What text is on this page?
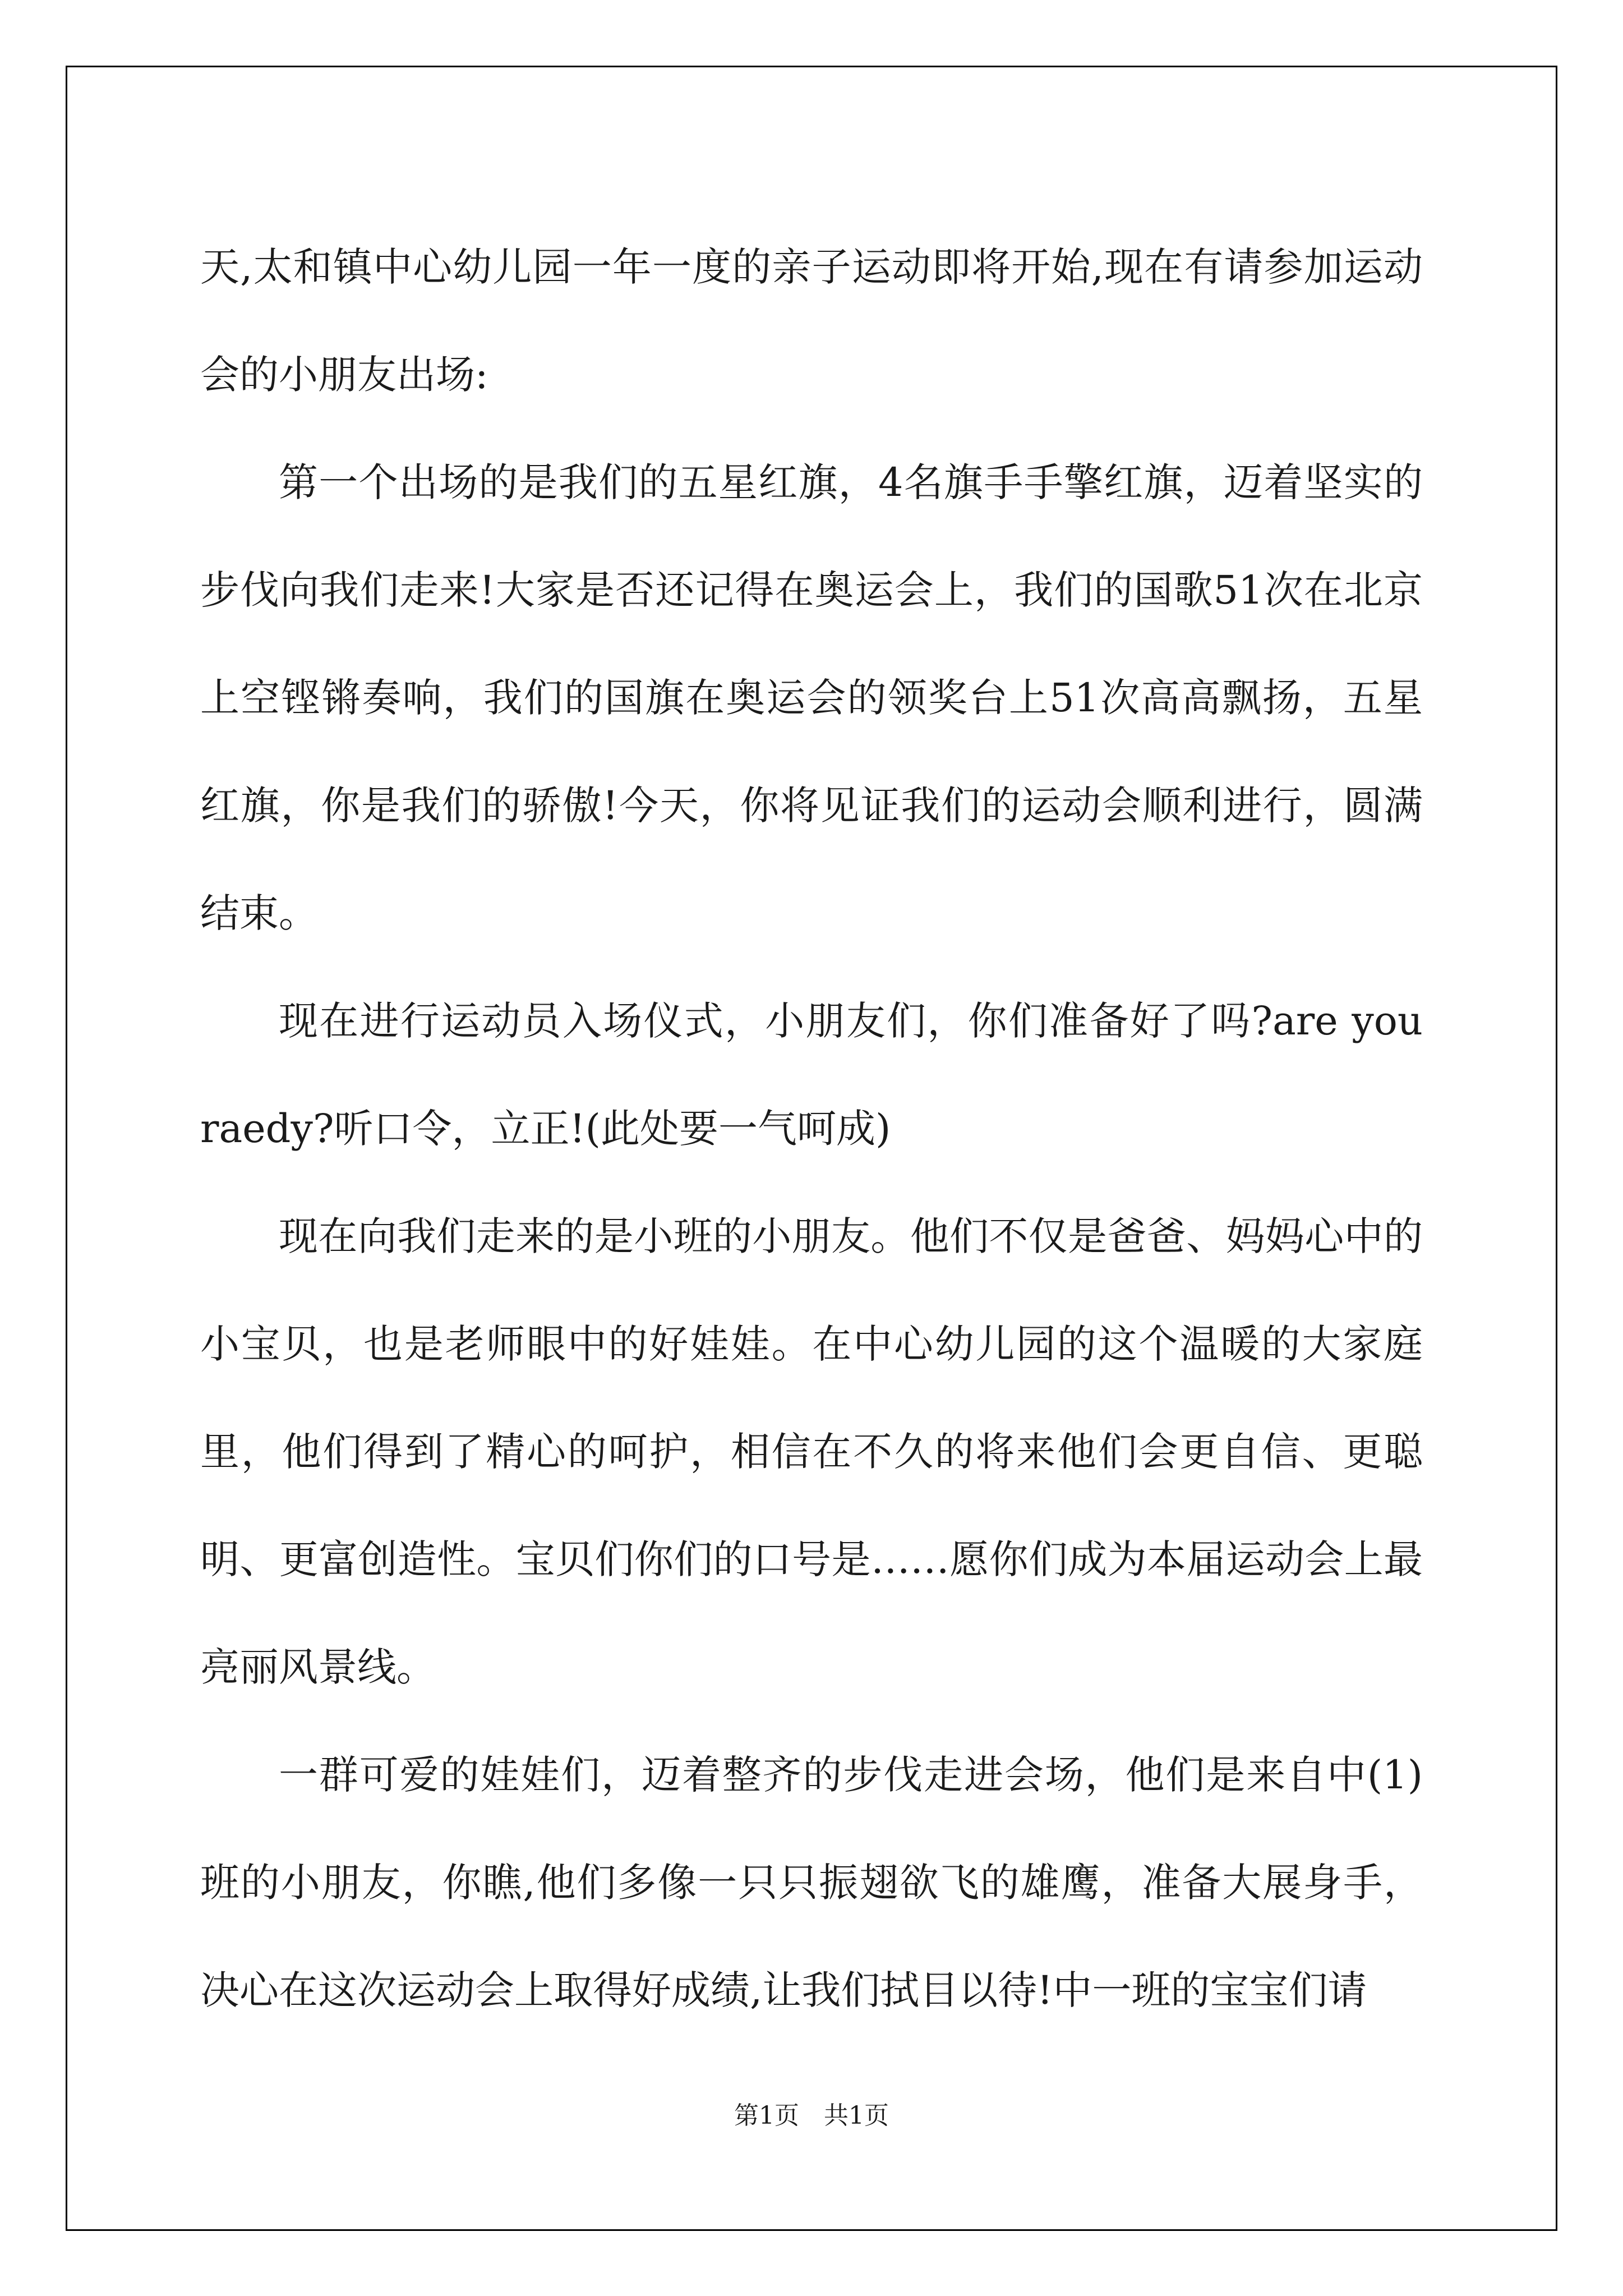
天,太和镇中心幼儿园一年一度的亲子运动即将开始,现在有请参加运动会的小朋友出场:

第一个出场的是我们的五星红旗，4名旗手手擎红旗，迈着坚实的步伐向我们走来!大家是否还记得在奥运会上，我们的国歌51次在北京上空铿锵奏响，我们的国旗在奥运会的领奖台上51次高高飘扬，五星红旗，你是我们的骄傲!今天，你将见证我们的运动会顺利进行，圆满结束。

现在进行运动员入场仪式，小朋友们，你们准备好了吗?are you raedy?听口令，立正!(此处要一气呵成)

现在向我们走来的是小班的小朋友。他们不仅是爸爸、妈妈心中的小宝贝，也是老师眼中的好娃娃。在中心幼儿园的这个温暖的大家庭里，他们得到了精心的呵护，相信在不久的将来他们会更自信、更聪明、更富创造性。宝贝们你们的口号是……愿你们成为本届运动会上最亮丽风景线。

一群可爱的娃娃们，迈着整齐的步伐走进会场，他们是来自中(1)班的小朋友，你瞧,他们多像一只只振翅欲飞的雄鹰，准备大展身手，决心在这次运动会上取得好成绩,让我们拭目以待!中一班的宝宝们请

第1页 共1页
